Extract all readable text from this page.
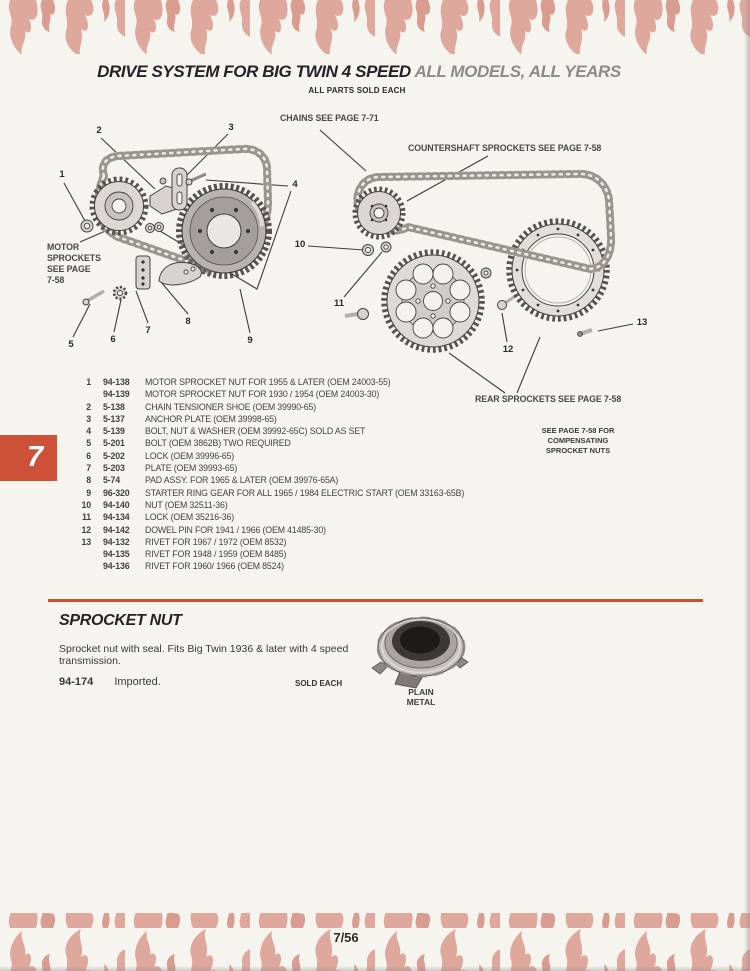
1
2	3
4
5	6
7
8
9
10
11
12
13
CHAINS SEE PAGE 7-71
COUNTERSHAFT SPROCKETS SEE PAGE 7-58
MOTOR
SPROCKETS
SEE PAGE
7-58
REAR SPROCKETS SEE PAGE 7-58
SEE PAGE 7-58 FOR
COMPENSATING
SPROCKET NUTS
DRIVE SYSTEM FOR BIG TWIN 4 SPEED ALL MODELS, ALL YEARS
ALL PARTS SOLD EACH
1 94-138	MOTOR SPROCKET NUT FOR 1955 & LATER (OEM 24003-55)
94-139	MOTOR SPROCKET NUT FOR 1930 / 1954 (OEM 24003-30)
2 5-138	CHAIN TENSIONER SHOE (OEM 39990-65)
3 5-137	ANCHOR PLATE (OEM 39998-65)
4 5-139	BOLT, NUT & WASHER (OEM 39992-65C) SOLD AS SET
5 5-201	BOLT (OEM 3862B) TWO REQUIRED
6 5-202	LOCK (OEM 39996-65)
7 5-203	PLATE (OEM 39993-65)
8 5-74	PAD ASSY. FOR 1965 & LATER (OEM 39976-65A)
9 96-320	STARTER RING GEAR FOR ALL 1965 / 1984 ELECTRIC START (OEM 33163-65B)
10 94-140	NUT (OEM 32511-36)
11 94-134	LOCK (OEM 35216-36)
12 94-142	DOWEL PIN FOR 1941 / 1966 (OEM 41485-30)
13 94-132	RIVET FOR 1967 / 1972 (OEM 8532)
94-135	RIVET FOR 1948 / 1959 (OEM 8485)
94-136	RIVET FOR 1960/ 1966 (OEM 8524)
7
SPROCKET NUT
Sprocket nut with seal. Fits Big Twin 1936 & later with 4 speed transmission.
94-174 Imported.	SOLD EACH
PLAIN METAL
7/56
